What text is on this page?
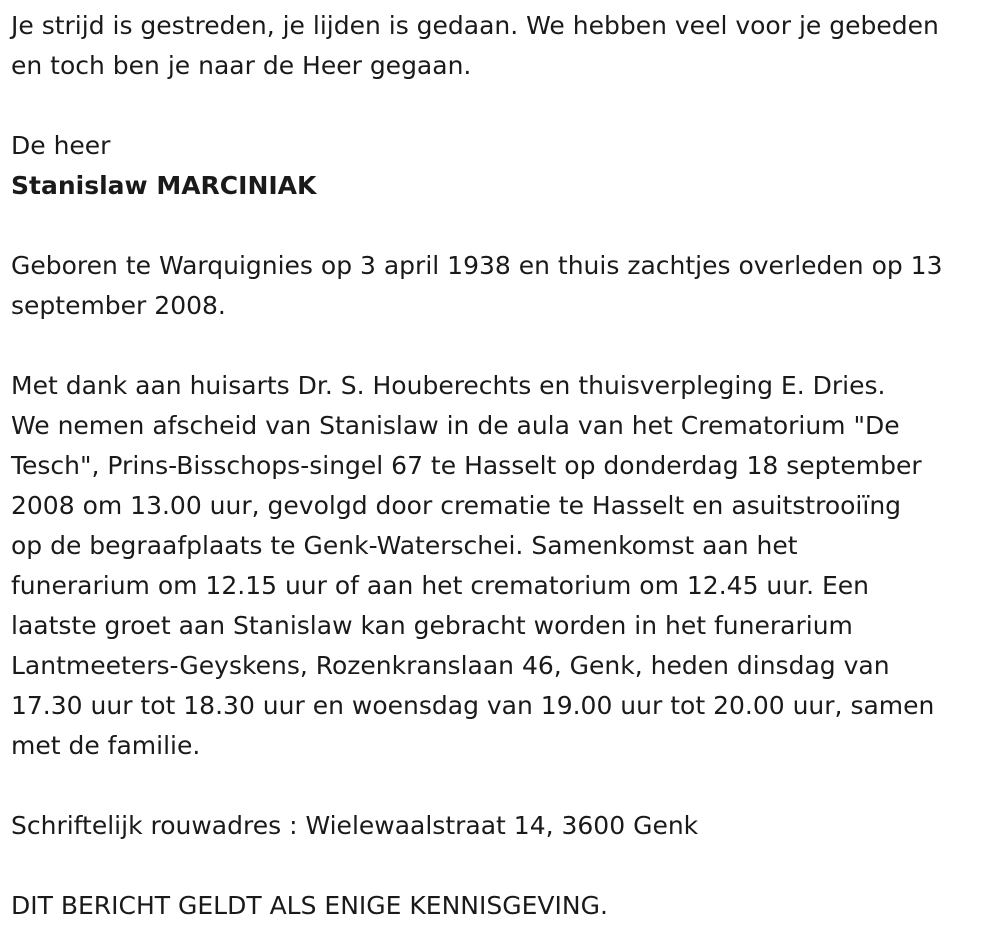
Je strijd is gestreden, je lijden is gedaan. We hebben veel voor je gebeden
en toch ben je naar de Heer gegaan.

De heer

Stanislaw MARCINIAK

Geboren te Warquignies op 3 april 1938 en thuis zachtjes overleden op 13
september 2008.

Met dank aan huisarts Dr. S. Houberechts en thuisverpleging E. Dries.
We nemen afscheid van Stanislaw in de aula van het Crematorium "De
Tesch", Prins-Bisschops-singel 67 te Hasselt op donderdag 18 september
2008 om 13.00 uur, gevolgd door crematie te Hasselt en asuitstrooiïng
op de begraafplaats te Genk-Waterschei. Samenkomst aan het
funerarium om 12.15 uur of aan het crematorium om 12.45 uur. Een
laatste groet aan Stanislaw kan gebracht worden in het funerarium
Lantmeeters-Geyskens, Rozenkranslaan 46, Genk, heden dinsdag van
17.30 uur tot 18.30 uur en woensdag van 19.00 uur tot 20.00 uur, samen
met de familie.

Schriftelijk rouwadres : Wielewaalstraat 14, 3600 Genk

DIT BERICHT GELDT ALS ENIGE KENNISGEVING.
